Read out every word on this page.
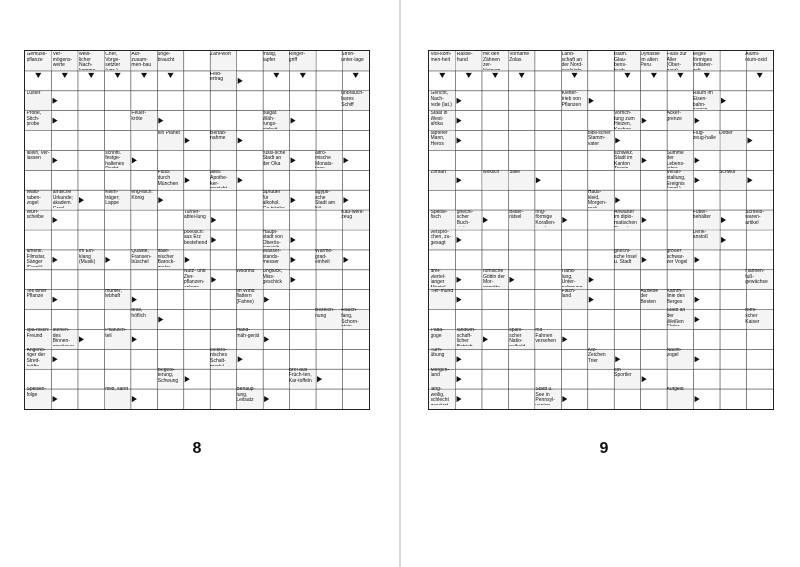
Gemüse-pflanze
Ver-mögens-werte
weib-licher Nach-
Chef, Vorge-setzter
Auf-zusam-men-bau
unge-braucht
Zahl-wort	mutig, tapfer
Ringer-griff
Stroh-unter-lage
Feld-ertrag
Lüster	unbrauch-bares Schiff
Probe, Stich-probe
Feuer-kröte
bulgar. Wäh-rungs-
ein Planet	Bertab-nahme
allein, ver-lassen
schriftl. festge-haltenes
russi-sche Stadt an der Oka
altrö-mische Monats-
Fluss durch München
altes Apothe-ker-
Wald-raben-vogel
amtliche Urkunde; akadem.
Keim-träger; Lappe
eng-lisch: König
Sprudel für alkohol.
ägypti-sche Stadt am
Wurf-scheibe
Turner-abtei-lung
Kau-werk-zeug
poetisch: aus Erz bestehend
Haupt-stadt von Oberös-
amerik. Filmstar, Sänger
im Ein-klang (Musik)
Quaste, Fransen-büschel
italie-nischer Barock-
Wasser-stands-messer
Wärme-grad-einheit
Nutz- und Zier-pflanzen-
Wildrind	Unglück, Miss-geschick
Teil einer Pflanze
munter, lebhaft
im Wind flattern (Fahne)
brav, höflich
Bezeich-nung
Rauch-fang, Schorn-
spa-nisch: Freund
stehen-des Binnen-
Pflanzen-teil
Hand-mäh-gerät
Angehö-riger der Streit-
elektro-nisches Schalt-
Begeis-terung, Schwung
Brei aus Früch-ten, Kar-toffeln
Speisen-folge
mild, sanft	Behaup-tung, Leitsatz
8
Voll-kom-men-heit
Rasse-hund
mit den Zähnen zer-
Vorname Zolas
Land-schaft an der Nord-
islam. Glau-bens-
Dynastie im alten Peru
Fluss zur Aller (Ober-
kegel-förmiges Indianer-
Alumi-nium-oxid
Gericht, Nach-rede (lat.)
Kletter-trieb von Pflanzen
Raum im Eisen-bahn-
Staat in West-afrika
Vorrich-tung zum Heizen,
Acker-grenze
tapferer Mann, Heros
bibli-scher Stamm-vater
Flug-zeug-halle
Dotter
schweiz. Stadt im Kanton
Summe der Lebens-
Zimtart	wirklich	Stille	Veran-staltung, Ereignis
Schwur
Haus-kleid, Morgen-
Speise-fisch
griechi-scher Buch-
Bilder-rätsel
ring-förmige Korallen-
Anwärter im diplo-matischen
Futter-behälter
Schreib-waren-artikel
verspro-chen, zu-gesagt
Denk-anstoß
griechi-sche Insel u. Stadt
großer schwar-zer Vogel
drei-viertel-langer
römische Göttin der Mor-
Hand-lung, Unter-
Hahnen-fuß-gewächse
Tier-mund	Flach-land
Auslese der Besten
Kamm-linie des Berges
Stadt an der Weißen
römi-scher Kaiser
Päda-goge
landwirt-schaft-licher
spani-scher Natio-
mit Fahnen versehen
Turn-übung
Kfz-Zeichen Trier
Nacht-vogel
Morgen-land
ein Sportler
lang-weilig, schlecht
Stadt u. See in Pennsyl-
Aufgeld
9
